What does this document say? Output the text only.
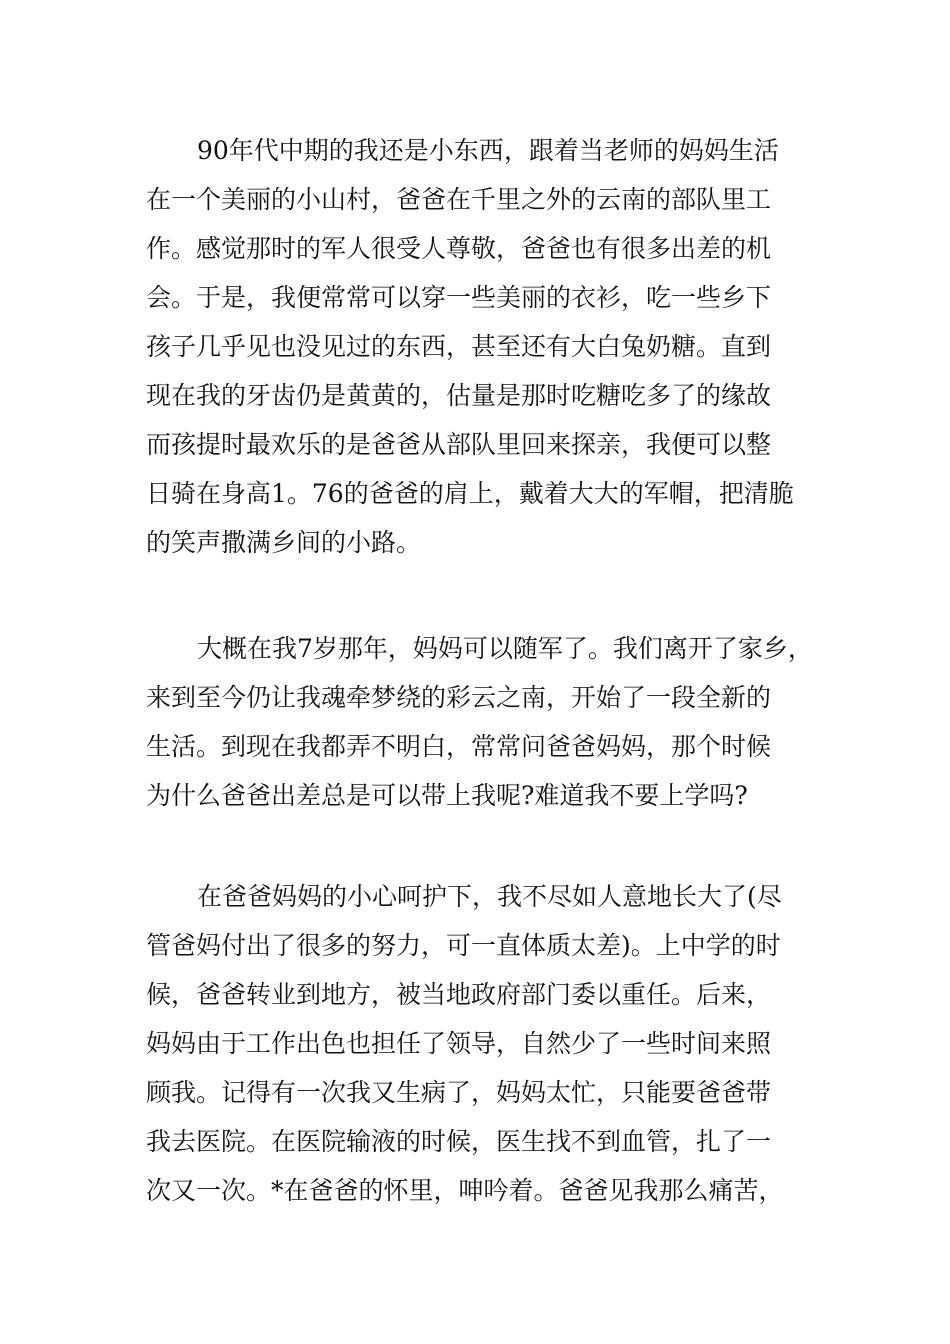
90年代中期的我还是小东西，跟着当老师的妈妈生活
在一个美丽的小山村，爸爸在千里之外的云南的部队里工
作。感觉那时的军人很受人尊敬，爸爸也有很多出差的机
会。于是，我便常常可以穿一些美丽的衣衫，吃一些乡下
孩子几乎见也没见过的东西，甚至还有大白兔奶糖。直到
现在我的牙齿仍是黄黄的，估量是那时吃糖吃多了的缘故
而孩提时最欢乐的是爸爸从部队里回来探亲，我便可以整
日骑在身高1。76的爸爸的肩上，戴着大大的军帽，把清脆
的笑声撒满乡间的小路。
大概在我7岁那年，妈妈可以随军了。我们离开了家乡，
来到至今仍让我魂牵梦绕的彩云之南，开始了一段全新的
生活。到现在我都弄不明白，常常问爸爸妈妈，那个时候
为什么爸爸出差总是可以带上我呢?难道我不要上学吗?
在爸爸妈妈的小心呵护下，我不尽如人意地长大了(尽
管爸妈付出了很多的努力，可一直体质太差)。上中学的时
候，爸爸转业到地方，被当地政府部门委以重任。后来，
妈妈由于工作出色也担任了领导，自然少了一些时间来照
顾我。记得有一次我又生病了，妈妈太忙，只能要爸爸带
我去医院。在医院输液的时候，医生找不到血管，扎了一
次又一次。*在爸爸的怀里，呻吟着。爸爸见我那么痛苦，
